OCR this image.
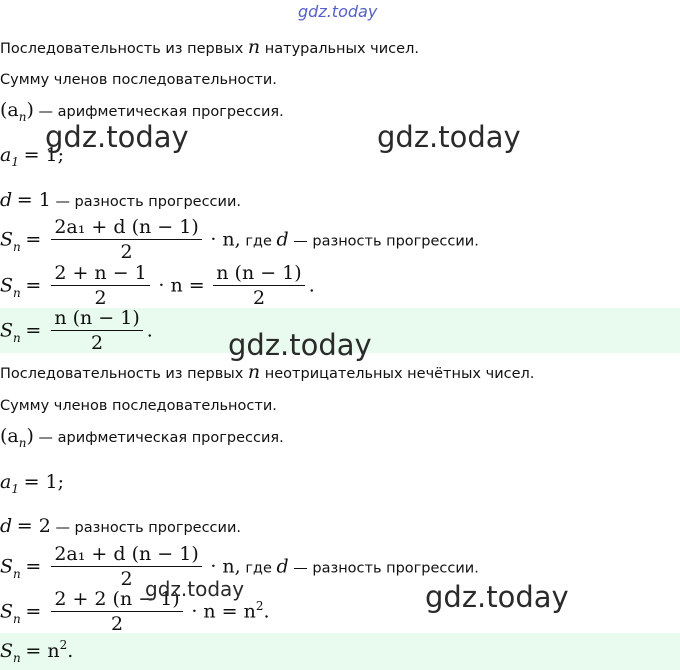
gdz.today
Последовательность из первых n натуральных чисел.
Сумму членов последовательности.
$(a_n)$ — арифметическая прогрессия.
$a_1 = 1$;
d = 1 — разность прогрессии.
$S_n = \frac{\text{2a₁ + d (n − 1)}}{2} \cdot n$, где d — разность прогрессии.
$S_n = \frac{2 + n - 1}{2} \cdot n = \frac{n (n - 1)}{2}$ .
$S_n = \frac{n (n - 1)}{2}$ .
Последовательность из первых n неотрицательных нечётных чисел.
Сумму членов последовательности.
$(a_n)$ — арифметическая прогрессия.
$a_1 = 1$;
d = 2 — разность прогрессии.
$S_n = \frac{\text{2a₁ + d (n − 1)}}{2} \cdot n$, где d — разность прогрессии.
$S_n = \frac{2 + 2 (n - 1)}{2} \cdot n = n^2$.
$S_n = n^2$.
gdz.today	gdz.today
gdz.today
gdz.today	gdz.today
